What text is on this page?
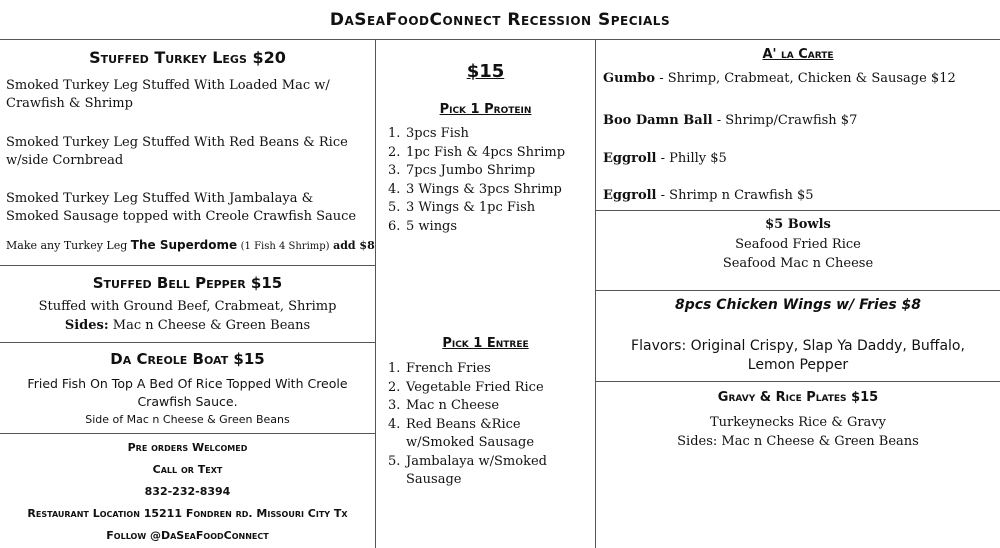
DaSeaFoodConnect Recession Specials
Stuffed Turkey Legs $20
Smoked Turkey Leg Stuffed With Loaded Mac w/ Crawfish & Shrimp
Smoked Turkey Leg Stuffed With Red Beans & Rice w/side Cornbread
Smoked Turkey Leg Stuffed With Jambalaya & Smoked Sausage topped with Creole Crawfish Sauce
Make any Turkey Leg The Superdome (1 Fish 4 Shrimp) add $8
Stuffed Bell Pepper $15
Stuffed with Ground Beef, Crabmeat, Shrimp
Sides: Mac n Cheese & Green Beans
Da Creole Boat $15
Fried Fish On Top A Bed Of Rice Topped With Creole
Crawfish Sauce.
Side of Mac n Cheese & Green Beans
Pre orders Welcomed
Call or Text
832-232-8394
Restaurant Location 15211 Fondren rd. Missouri City Tx
Follow @DaSeaFoodConnect
$15
Pick 1 Protein
1. 3pcs Fish
2. 1pc Fish & 4pcs Shrimp
3. 7pcs Jumbo Shrimp
4. 3 Wings & 3pcs Shrimp
5. 3 Wings & 1pc Fish
6. 5 wings
Pick 1 Entree
1. French Fries
2. Vegetable Fried Rice
3. Mac n Cheese
4. Red Beans &Rice w/Smoked Sausage
5. Jambalaya w/Smoked Sausage
A' la Carte
Gumbo - Shrimp, Crabmeat, Chicken & Sausage $12
Boo Damn Ball - Shrimp/Crawfish $7
Eggroll - Philly $5
Eggroll - Shrimp n Crawfish $5
$5 Bowls
Seafood Fried Rice
Seafood Mac n Cheese
8pcs Chicken Wings w/ Fries $8
Flavors: Original Crispy, Slap Ya Daddy, Buffalo, Lemon Pepper
Gravy & Rice Plates $15
Turkeynecks Rice & Gravy
Sides: Mac n Cheese & Green Beans
